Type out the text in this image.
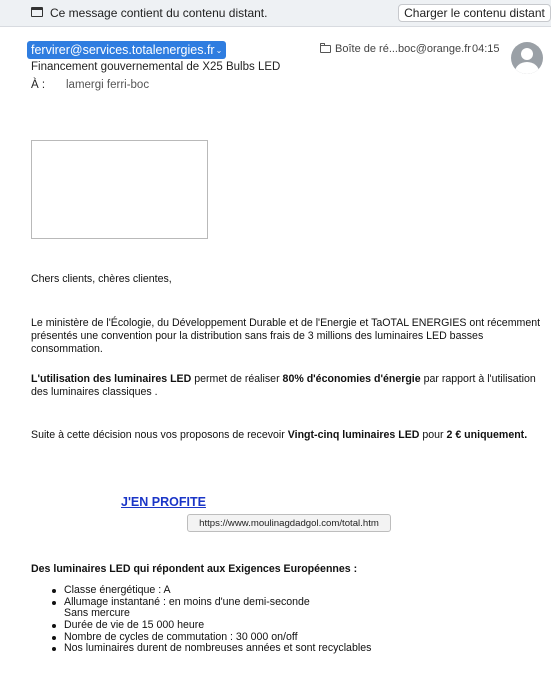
Ce message contient du contenu distant.	Charger le contenu distant
fervirer@services.totalenergies.fr⌄	Boîte de ré...boc@orange.fr 04:15
Financement gouvernemental de X25 Bulbs LED
À : lamergi ferri-boc

Chers clients, chères clientes,

Le ministère de l'Écologie, du Développement Durable et de l'Energie et TaOTAL ENERGIES ont récemment présentés une convention pour la distribution sans frais de 3 millions des luminaires LED basses consommation.

L'utilisation des luminaires LED permet de réaliser 80% d'économies d'énergie par rapport à l'utilisation des luminaires classiques .

Suite à cette décision nous vos proposons de recevoir Vingt-cinq luminaires LED pour 2 € uniquement.

J'EN PROFITE
https://www.moulinagdadgol.com/total.htm
Des luminaires LED qui répondent aux Exigences Européennes :
Classe énergétique : A
Allumage instantané : en moins d'une demi-seconde
Sans mercure
Durée de vie de 15 000 heure
Nombre de cycles de commutation : 30 000 on/off
Nos luminaires durent de nombreuses années et sont recyclables
